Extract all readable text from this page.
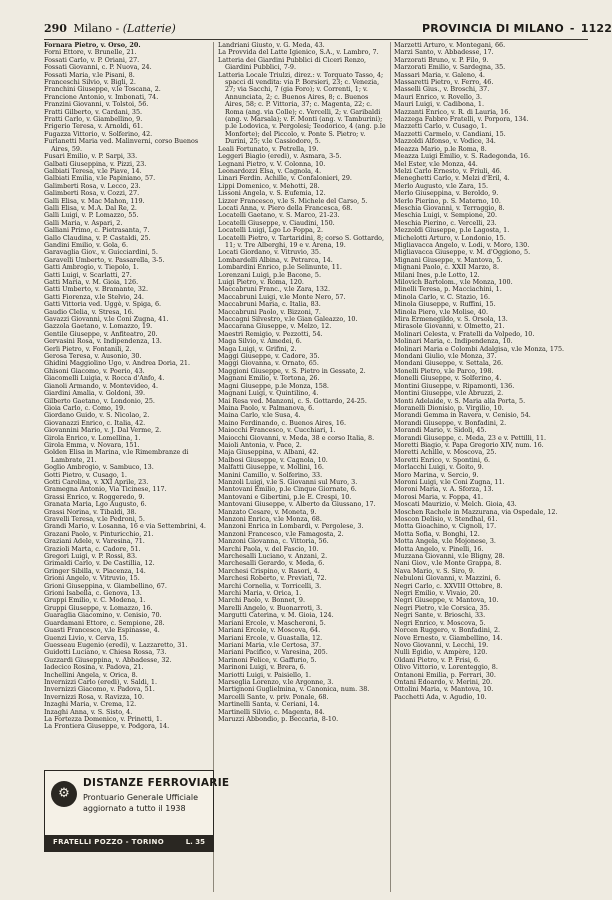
290 Milano - (Latterie)	PROVINCIA DI MILANO - 1122
Fornara Pietro, v. Orso, 20.
Forni Ettore, v. Brunelle, 21.
Fossati Carlo, v. P. Oriani, 27.
Fossati Giovanni, c. P. Nuova, 24.
Fossati Maria, v.le Pisani, 8.
Franceschi Silvio, v. Bigli, 2.
Franchini Giuseppe, v.le Toscana, 2.
Francione Antonio, v. Imbonati, 74.
Franzini Giovanni, v. Tolstoi, 56.
Fratti Gilberto, v. Cardani, 35.
Fratti Carlo, v. Giambellino, 9.
Frigerio Teresa, v. Arnoldi, 61.
Fugazza Vittorio, v. Solferino, 42.
Furlanetti Maria ved. Malinverni, corso Buenos Aires, 59.
Fusari Emilio, v. P. Sarpi, 33.
Galbati Giuseppina, v. Pizzi, 23.
Galbiati Teresa, v.le Piave, 14.
Galbiati Emilia, v.le Papiniano, 57.
Galimberti Rosa, v. Lecco, 23.
Galimberti Rosa, v. Cozzi, 27.
Galli Elisa, v. Mac Mahon, 119.
Galli Elisa, v. M.A. Dal Re, 2.
Galli Luigi, v. P. Lomazzo, 55.
Galli Maria, v. Aspari, 2.
Galliani Primo, c. Pietrasanta, 7.
Gallo Claudina, v. P. Castaldi, 25.
Gandini Emilio, v. Gola, 6.
Garavaglia Giov., v. Guicciardini, 5.
Garavelli Umberto, v. Passarella, 3-5.
Gatti Ambrogio, v. Tiepolo, 1.
Gatti Luigi, v. Scarlatti, 27.
Gatti Maria, v. M. Gioia, 126.
Gatti Umberto, v. Bramante, 32.
Gatti Fiorenza, v.le Stelvio, 24.
Gatti Vittoria ved. Uggè, v. Spiga, 6.
Gaudio Clelia, v. Stresa, 16.
Gavazzi Giovanni, v.le Coni Zugna, 41.
Gazzola Gaetano, v. Lomazzo, 19.
Gentile Giuseppe, v. Anfiteatro, 20.
Gervasini Rosa, v. Indipendenza, 13.
Gerli Pietro, v. Fontanili, 2.
Gerosa Teresa, v. Ausonio, 30.
Ghidini Maggiolino Ugo, v. Andrea Doria, 21.
Ghisoni Giacomo, v. Poerio, 43.
Giacomelli Luigia, v. Rocca d'Anfo, 4.
Gianoli Armando, v. Montevideo, 4.
Giardini Amalia, v. Goldoni, 39.
Gilberto Gaetano, v. Londonio, 25.
Gioia Carlo, c. Como, 19.
Giordano Guido, v. S. Nicolao, 2.
Giovanazzi Enrico, c. Italia, 42.
Giovannini Mario, v. J. Dal Verme, 2.
Girola Enrico, v. Lomellina, 1.
Girola Emma, v. Novara, 151.
Golden Elisa in Marina, v.le Rimembranze di Lambrate, 21.
Goglio Ambrogio, v. Sambuco, 13.
Gotti Pietro, v. Cusago, 1.
Gotti Carolina, v. XXI Aprile, 23.
Gramegna Antonio, Via Ticinese, 117.
Grassi Enrico, v. Roggeredo, 9.
Granata Maria, Lgo Augusto, 6.
Grassi Norina, v. Tibaldi, 38.
Gravelli Teresa, v.le Pedroni, 5.
Grandi Mario, v. Losanna, 16 e via Settembrini, 4.
Grazani Paolo, v. Pinturicchio, 21.
Graziani Adele, v. Varesina, 71.
Grazioli Marta, c. Cadore, 51.
Gregori Luigi, v. P. Rossi, 83.
Grimaldi Carlo, v. De Castillia, 12.
Gringer Sibilla, v. Piacenza, 14.
Grioni Angelo, v. Vitruvio, 15.
Grioni Giuseppina, v. Giambellino, 67.
Grioni Isabella, c. Genova, 13.
Gruppi Emilio, v. C. Modena, 1.
Gruppi Giuseppe, v. Lomazzo, 16.
Guaraglia Giacomino, v. Cenisio, 70.
Guardamani Ettore, c. Sempione, 28.
Guasti Francesco, v.le Espinasse, 4.
Guenzi Livio, v. Cerva, 15.
Guesseau Eugenio (eredi), v. Lazzaretto, 31.
Guidotti Luciano, v. Chiesa Rossa, 73.
Guzzardi Giuseppina, v. Abbadesse, 32.
Iadecico Rosina, v. Padova, 21.
Inchellini Angela, v. Orica, 8.
Invernizzi Carlo (eredi), v. Saldi, 1.
Invernizzi Giacomo, v. Padova, 51.
Invernizzi Rosa, v. Ravizza, 10.
Inzaghi Maria, v. Crema, 12.
Inzaghi Anna, v. S. Sisto, 4.
La Fortezza Domenico, v. Prinetti, 1.
La Frontiera Giuseppe, v. Podgora, 14.
Landriani Giusto, v. G. Meda, 43.
La Provvida del Latte Igienico, S.A., v. Lambro, 7.
Latteria dei Giardini Pubblici di Ciceri Renzo, Giardini Pubblici, 7-9.
Latteria Locale Triulzi, direz.: v. Torquato Tasso, 4; spacci di vendita: via P. Borsieri, 23; c. Venezia, 27; via Sacchi, 7 (gia Foro); v. Correnti, 1; v. Annunciata, 2; c. Buenos Aires, 8; c. Buenos Aires, 58; c. P. Vittoria, 37; c. Magenta, 22; c. Roma (ang. via Colle); c. Vercelli, 2; v. Garibaldi (ang. v. Marsala); v. F. Monti (ang. v. Tamburini); p.le Lodovica, v. Pergolesi; Teodorico, 4 (ang. p.le Monforte); del Piccolo, v. Ponte S. Pietro; v. Durini, 25; v.le Cassiodoro, 5.
Leali Fortunato, v. Petrella, 19.
Leggeri Biagio (eredi), v. Asmara, 3-5.
Legnani Pietro, v. V. Colonna, 10.
Leonardozzi Elsa, v. Cagnola, 4.
Linari Ferdin. Achille, v. Confalonieri, 29.
Lippi Domenico, v. Mehotti, 28.
Lissoni Angela, v. S. Eufemia, 12.
Lizzer Francesco, v.le S. Michele del Carso, 5.
Locati Anna, v. Piero della Francesca, 68.
Locatelli Gaetano, v. S. Marco, 21-23.
Locatelli Giuseppe, v. Ciaudini, 150.
Locatelli Luigi, Lgo Lo Foppa, 2.
Locatelli Pietro, v. Tartaridini, 8; corso S. Gottardo, 11; v. Tre Alberghi, 19 e v. Arena, 19.
Locati Giordano, v. Vitruvio, 35.
Lombardelli Albina, v. Petrarca, 14.
Lombardini Enrico, p.le Selinunte, 11.
Lorenzani Luigi, p.le Bacone, 5.
Luigi Pietro, v. Roma, 120.
Maccabruni Franc., v.le Zara, 132.
Maccabruni Luigi, v.le Monte Nero, 57.
Maccabruni Maria, c. Italia, 83.
Maccabruni Paolo, v. Bizzoni, 7.
Maccagni Silvestro, v.le Gian Galeazzo, 10.
Maccarana Giuseppe, v. Melzo, 12.
Maestri Remigio, v. Pezzotti, 54.
Maga Silvio, v. Amedei, 6.
Maga Luigi, v. Grifini, 2.
Maggi Giuseppe, v. Cadore, 35.
Maggi Giovanna, v. Ornato, 65.
Maggioni Giuseppe, v. S. Pietro in Gessate, 2.
Magnani Emilio, v. Tortona, 26.
Magni Giuseppe, p.le Monza, 158.
Magnani Luigi, v. Quintilino, 4.
Mai Resa ved. Manzoni, c. S. Gottardo, 24-25.
Maina Paolo, v. Palmanova, 6.
Maina Carlo, v.le Susa, 4.
Maino Ferdinando, c. Buenos Aires, 16.
Maiocchi Francesco, v. Cucchiari, 1.
Maiocchi Giovanni, v. Meda, 38 e corso Italia, 8.
Maioli Antonia, v. Pace, 2.
Maja Giuseppina, v. Albani, 42.
Malbosi Giuseppe, v. Cagnola, 10.
Malfatti Giuseppe, v. Mollini, 16.
Manini Camillo, v. Solferino, 33.
Manzoli Luigi, v.le S. Giovanni sul Muro, 3.
Mantovani Emilio, p.le Cinque Giornate, 6.
Mantovani e Gibertini, p.le E. Crespi, 10.
Mantovani Giuseppe, v. Alberto da Giussano, 17.
Manzato Cesare, v. Moneta, 9.
Manzoni Enrica, v.le Monza, 68.
Manzoni Enrica in Lombardi, v. Pergolese, 3.
Manzoni Francesco, v.le Famagosta, 2.
Manzoni Giovanna, c. Vittoria, 56.
Marchi Paola, v. del Fascio, 10.
Marchesalli Luciano, v. Anzani, 2.
Marchesalli Gerardo, v. Meda, 6.
Marchesi Crispino, v. Rasori, 4.
Marchesi Roberto, v. Previati, 72.
Marchi Cornelia, v. Torricelli, 3.
Marchi Maria, v. Orica, 1.
Marchi Paolo, v. Bonnet, 9.
Marelli Angelo, v. Buonarroti, 3.
Margutti Caterina, v. M. Gioia, 124.
Mariani Ercole, v. Mascheroni, 5.
Mariani Ercole, v. Moscova, 64.
Mariani Ercole, v. Guastalla, 12.
Mariani Maria, v.le Certosa, 37.
Mariani Pacifico, v. Varesina, 205.
Marinoni Felice, v. Gaffurio, 5.
Marinoni Luigi, v. Brera, 6.
Mariotti Luigi, v. Paisiello, 1.
Marseglia Lorenzo, v.le Argonne, 3.
Martignoni Guglielmina, v. Canonica, num. 38.
Marcelli Sante, v. priv. Ponale, 68.
Martinelli Santa, v. Ceriani, 14.
Martinelli Silvio, c. Magenta, 84.
Maruzzi Abbondio, p. Beccaria, 8-10.
Marzetti Arturo, v. Montegani, 66.
Marzi Santo, v. Abbadesse, 17.
Marzorati Bruno, v. P. Filo, 9.
Marzorati Emilio, v. Sardegna, 35.
Massari Maria, v. Galeno, 4.
Massaretti Pietro, v. Ferro, 46.
Masselli Gius., v. Broschi, 37.
Mauri Enrico, v. Rovello, 3.
Mauri Luigi, v. Cadibona, 1.
Mazzanti Enrico, v. R. di Lauria, 16.
Mazzega Fabbro Fratelli, v. Porpora, 134.
Mazzetti Carlo, v. Cusago, 1.
Mazzetti Carmelo, v. Candiani, 15.
Mazzoldi Alfonso, v. Vodice, 34.
Meazza Mario, p.le Roma, 8.
Meazza Luigi Emilio, v. S. Radegonda, 16.
Mel Ester, v.le Monza, 44.
Melzi Carlo Ernesto, v. Friuli, 46.
Meneghetti Carlo, v. Melzi d'Eril, 4.
Merlo Augusto, v.le Zara, 15.
Merlo Giuseppina, v. Beroldo, 9.
Merlo Pierino, p. S. Materno, 10.
Meschia Giovanni, v. Terraggio, 8.
Meschia Luigi, v. Sempione, 20.
Meschia Pierino, c. Vercelli, 23.
Mezzoldi Giuseppe, p.le Lagosta, 1.
Michelotti Arturo, v. Londonio, 15.
Migliavacca Angelo, v. Lodi, v. Moro, 130.
Migliavacca Giuseppe, v. M. d'Oggiono, 5.
Mignani Giuseppe, v. Mantova, 5.
Mignani Paolo, c. XXII Marzo, 8.
Milani Ines, p.le Lotto, 12.
Milovich Bartolom., v.le Monza, 100.
Minelli Teresa, p. Macciachini, 1.
Minola Carlo, v. C. Stazio, 16.
Minola Giuseppe, v. Ruffini, 15.
Minola Piero, v.le Molise, 40.
Mira Ermenegildo, v. S. Orsola, 13.
Mirasole Giovanni, v. Olmetto, 21.
Molinari Celesta, v. Fratelli da Volpedo, 10.
Molinari Maria, c. Indipendenza, 10.
Molinari Maria e Colombi Adalgisa, v.le Monza, 175.
Mondani Giulio, v.le Monza, 37.
Mondani Giuseppe, v. Settala, 26.
Monelli Pietro, v.le Parco, 198.
Monelli Giuseppe, v. Solferino, 4.
Montini Giuseppe, v. Ripamonti, 136.
Montini Giuseppe, v.le Abruzzi, 2.
Monti Adelaide, v. S. Maria alla Porta, 5.
Moranelli Dionisio, p. Virgilio, 10.
Morandi Gemma in Ravera, v. Cenisio, 54.
Morandi Giuseppe, v. Bonfadini, 2.
Morandi Mario, v. Sidoli, 45.
Morandi Giuseppe, c. Meda, 23 e v. Pettilli, 11.
Moretti Biagio, v. Papa Gregorio XIV, num. 16.
Moretti Achille, v. Moscova, 25.
Moretti Enrico, v. Spontini, 6.
Morlacchi Luigi, v. Goito, 9.
Moro Marina, v. Sercio, 9.
Moroni Luigi, v.le Coni Zugna, 11.
Moroni Maria, v. A. Sforza, 13.
Morosi Maria, v. Foppa, 41.
Moscati Maurizio, v. Melch. Gioia, 43.
Moschen Rachele in Mazzurana, via Ospedale, 12.
Moscon Delisio, v. Stendhal, 61.
Motta Gioachino, v. Cignoli, 17.
Motta Sofia, v. Bonghi, 12.
Motta Angela, v.le Mojonese, 3.
Motta Angelo, v. Pinelli, 16.
Muzzana Giovanni, v.le Bligny, 28.
Nani Giov., v.le Monte Grappa, 8.
Nava Mario, v. S. Siro, 9.
Nebuloni Giovanni, v. Mazzini, 6.
Negri Carlo, c. XXVIII Ottobre, 8.
Negri Emilio, v. Vivaio, 20.
Negri Giuseppe, v. Mantova, 10.
Negri Pietro, v.le Corsica, 35.
Negri Sante, v. Brioschi, 33.
Negri Enrico, v. Moscova, 5.
Norcen Ruggero, v. Bonfadini, 2.
Nove Ernesto, v. Giambellino, 14.
Novo Giovanni, v. Lecchi, 19.
Nulli Egidio, v. Ampère, 120.
Oldani Pietro, v. P. Frisi, 6.
Olivo Vittorio, v. Lorenteggio, 8.
Ontanoni Emilia, p. Ferrari, 30.
Ontani Edoardo, v. Merini, 20.
Ottolini Maria, v. Mantova, 10.
Pacchetti Ada, v. Agudio, 10.
⚙
DISTANZE FERROVIARIE
Prontuario Generale Ufficiale
aggiornato a tutto il 1938
FRATELLI POZZO - TORINO	L. 35
